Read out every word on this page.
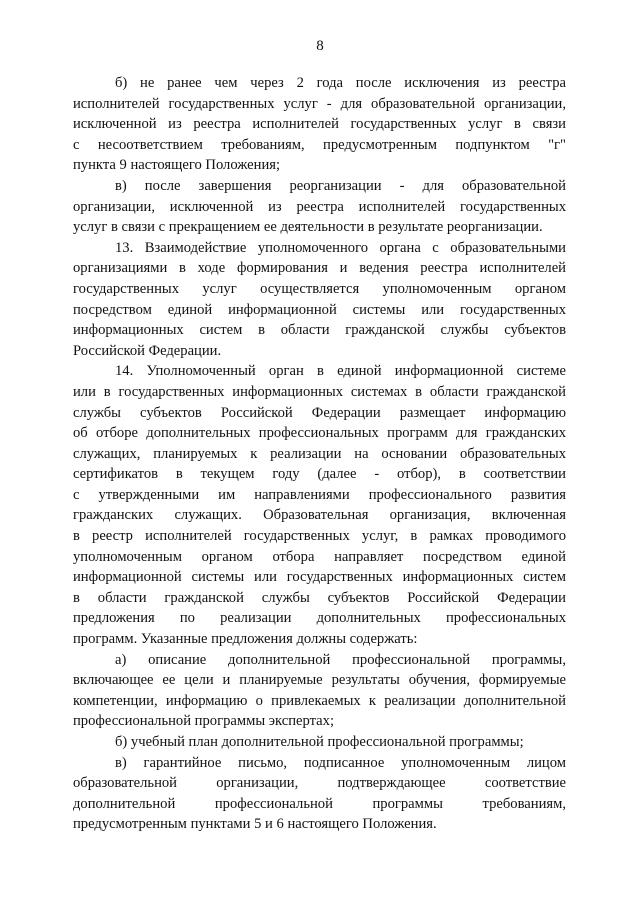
8
б) не ранее чем через 2 года после исключения из реестра
исполнителей государственных услуг - для образовательной организации,
исключенной из реестра исполнителей государственных услуг в связи
с несоответствием требованиям, предусмотренным подпунктом "г"
пункта 9 настоящего Положения;
в) после завершения реорганизации - для образовательной
организации, исключенной из реестра исполнителей государственных
услуг в связи с прекращением ее деятельности в результате реорганизации.
13. Взаимодействие уполномоченного органа с образовательными
организациями в ходе формирования и ведения реестра исполнителей
государственных услуг осуществляется уполномоченным органом
посредством единой информационной системы или государственных
информационных систем в области гражданской службы субъектов
Российской Федерации.
14. Уполномоченный орган в единой информационной системе
или в государственных информационных системах в области гражданской
службы субъектов Российской Федерации размещает информацию
об отборе дополнительных профессиональных программ для гражданских
служащих, планируемых к реализации на основании образовательных
сертификатов в текущем году (далее - отбор), в соответствии
с утвержденными им направлениями профессионального развития
гражданских служащих. Образовательная организация, включенная
в реестр исполнителей государственных услуг, в рамках проводимого
уполномоченным органом отбора направляет посредством единой
информационной системы или государственных информационных систем
в области гражданской службы субъектов Российской Федерации
предложения по реализации дополнительных профессиональных
программ. Указанные предложения должны содержать:
а) описание дополнительной профессиональной программы,
включающее ее цели и планируемые результаты обучения, формируемые
компетенции, информацию о привлекаемых к реализации дополнительной
профессиональной программы экспертах;
б) учебный план дополнительной профессиональной программы;
в) гарантийное письмо, подписанное уполномоченным лицом
образовательной организации, подтверждающее соответствие
дополнительной профессиональной программы требованиям,
предусмотренным пунктами 5 и 6 настоящего Положения.
